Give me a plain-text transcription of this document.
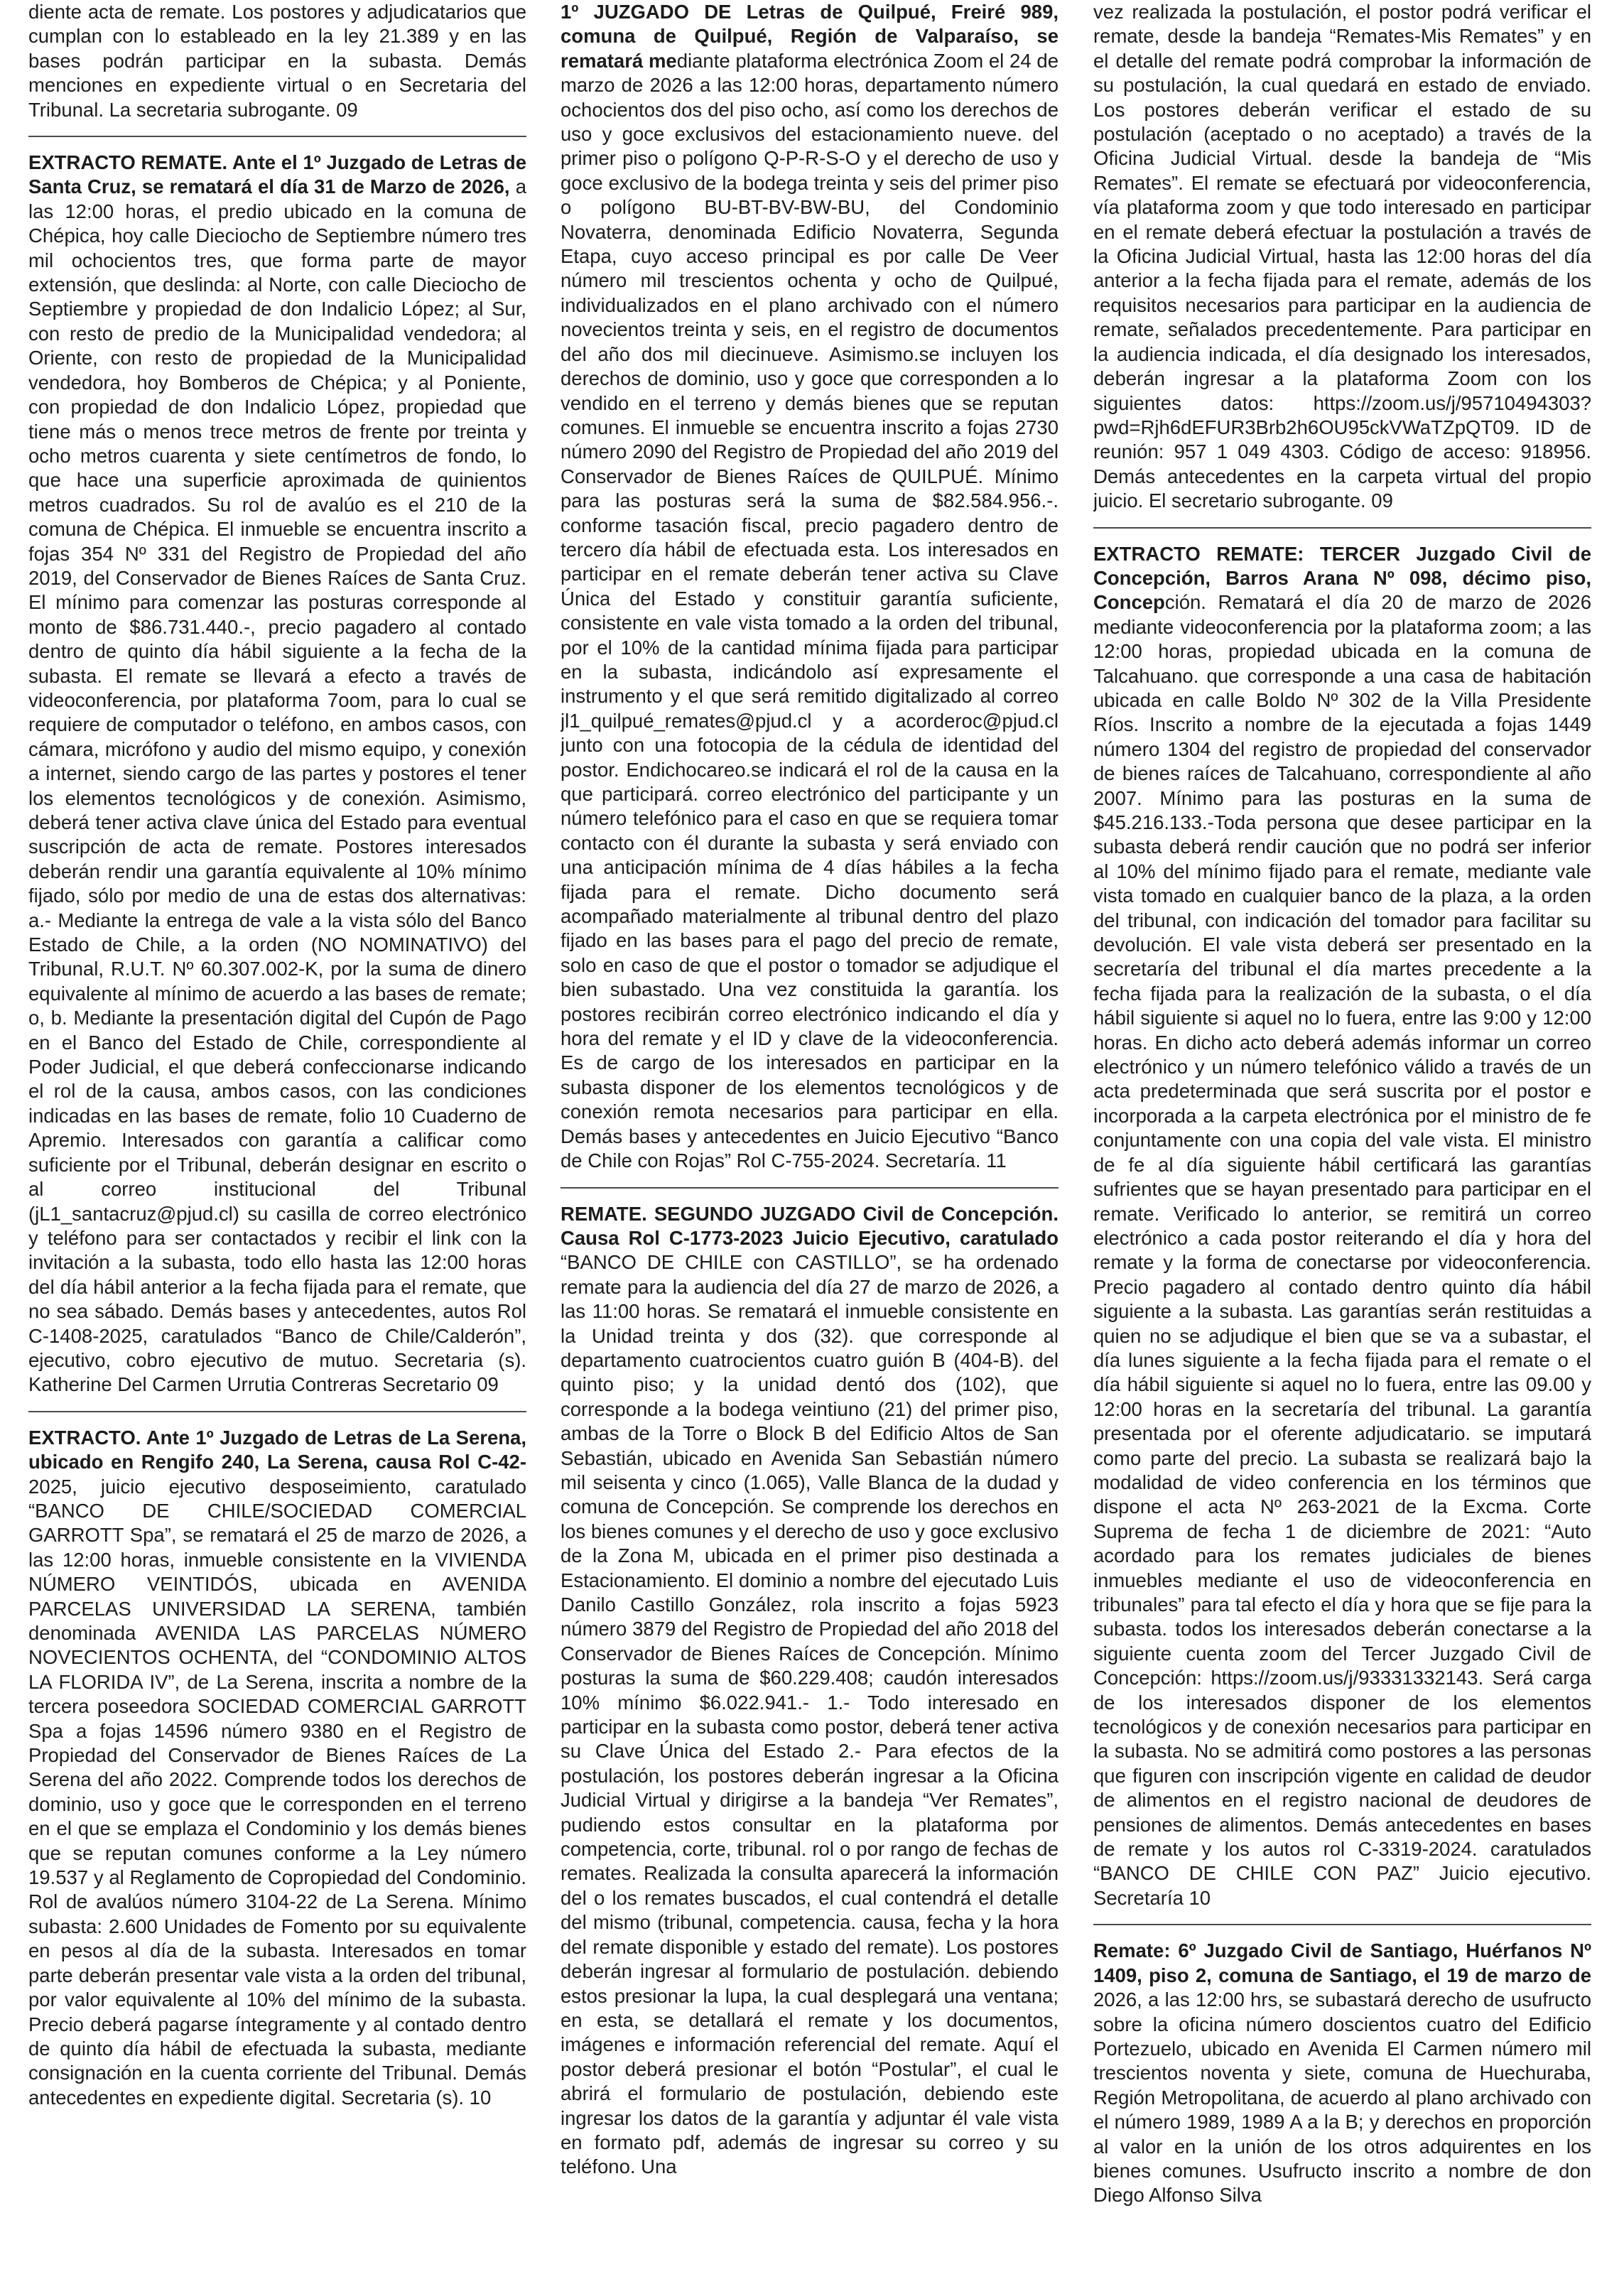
diente acta de remate. Los postores y adjudicatarios que cumplan con lo estableado en la ley 21.389 y en las bases podrán participar en la subasta. Demás menciones en expediente virtual o en Secretaria del Tribunal. La secretaria subrogante. 09

EXTRACTO REMATE. Ante el 1º Juzgado de Letras de Santa Cruz, se rematará el día 31 de Marzo de 2026, a las 12:00 horas, el predio ubicado en la comuna de Chépica, hoy calle Dieciocho de Septiembre número tres mil ochocientos tres, que forma parte de mayor extensión, que deslinda: al Norte, con calle Dieciocho de Septiembre y propiedad de don Indalicio López; al Sur, con resto de predio de la Municipalidad vendedora; al Oriente, con resto de propiedad de la Municipalidad vendedora, hoy Bomberos de Chépica; y al Poniente, con propiedad de don Indalicio López, propiedad que tiene más o menos trece metros de frente por treinta y ocho metros cuarenta y siete centímetros de fondo, lo que hace una superficie aproximada de quinientos metros cuadrados. Su rol de avalúo es el 210 de la comuna de Chépica. El inmueble se encuentra inscrito a fojas 354 Nº 331 del Registro de Propiedad del año 2019, del Conservador de Bienes Raíces de Santa Cruz. El mínimo para comenzar las posturas corresponde al monto de $86.731.440.-, precio pagadero al contado dentro de quinto día hábil siguiente a la fecha de la subasta. El remate se llevará a efecto a través de videoconferencia, por plataforma 7oom, para lo cual se requiere de computador o teléfono, en ambos casos, con cámara, micrófono y audio del mismo equipo, y conexión a internet, siendo cargo de las partes y postores el tener los elementos tecnológicos y de conexión. Asimismo, deberá tener activa clave única del Estado para eventual suscripción de acta de remate. Postores interesados deberán rendir una garantía equivalente al 10% mínimo fijado, sólo por medio de una de estas dos alternativas: a.- Mediante la entrega de vale a la vista sólo del Banco Estado de Chile, a la orden (NO NOMINATIVO) del Tribunal, R.U.T. Nº 60.307.002-K, por la suma de dinero equivalente al mínimo de acuerdo a las bases de remate; o, b. Mediante la presentación digital del Cupón de Pago en el Banco del Estado de Chile, correspondiente al Poder Judicial, el que deberá confeccionarse indicando el rol de la causa, ambos casos, con las condiciones indicadas en las bases de remate, folio 10 Cuaderno de Apremio. Interesados con garantía a calificar como suficiente por el Tribunal, deberán designar en escrito o al correo institucional del Tribunal (jL1_santacruz@pjud.cl) su casilla de correo electrónico y teléfono para ser contactados y recibir el link con la invitación a la subasta, todo ello hasta las 12:00 horas del día hábil anterior a la fecha fijada para el remate, que no sea sábado. Demás bases y antecedentes, autos Rol C-1408-2025, caratulados “Banco de Chile/Calderón”, ejecutivo, cobro ejecutivo de mutuo. Secretaria (s). Katherine Del Carmen Urrutia Contreras Secretario 09

EXTRACTO. Ante 1º Juzgado de Letras de La Serena, ubicado en Rengifo 240, La Serena, causa Rol C-42-2025, juicio ejecutivo desposeimiento, caratulado “BANCO DE CHILE/SOCIEDAD COMERCIAL GARROTT Spa”, se rematará el 25 de marzo de 2026, a las 12:00 horas, inmueble consistente en la VIVIENDA NÚMERO VEINTIDÓS, ubicada en AVENIDA PARCELAS UNIVERSIDAD LA SERENA, también denominada AVENIDA LAS PARCELAS NÚMERO NOVECIENTOS OCHENTA, del “CONDOMINIO ALTOS LA FLORIDA IV”, de La Serena, inscrita a nombre de la tercera poseedora SOCIEDAD COMERCIAL GARROTT Spa a fojas 14596 número 9380 en el Registro de Propiedad del Conservador de Bienes Raíces de La Serena del año 2022. Comprende todos los derechos de dominio, uso y goce que le corresponden en el terreno en el que se emplaza el Condominio y los demás bienes que se reputan comunes conforme a la Ley número 19.537 y al Reglamento de Copropiedad del Condominio. Rol de avalúos número 3104-22 de La Serena. Mínimo subasta: 2.600 Unidades de Fomento por su equivalente en pesos al día de la subasta. Interesados en tomar parte deberán presentar vale vista a la orden del tribunal, por valor equivalente al 10% del mínimo de la subasta. Precio deberá pagarse íntegramente y al contado dentro de quinto día hábil de efectuada la subasta, mediante consignación en la cuenta corriente del Tribunal. Demás antecedentes en expediente digital. Secretaria (s). 10

1º JUZGADO DE Letras de Quilpué, Freiré 989, comuna de Quilpué, Región de Valparaíso, se rematará mediante plataforma electrónica Zoom el 24 de marzo de 2026 a las 12:00 horas, departamento número ochocientos dos del piso ocho, así como los derechos de uso y goce exclusivos del estacionamiento nueve. del primer piso o polígono Q-P-R-S-O y el derecho de uso y goce exclusivo de la bodega treinta y seis del primer piso o polígono BU-BT-BV-BW-BU, del Condominio Novaterra, denominada Edificio Novaterra, Segunda Etapa, cuyo acceso principal es por calle De Veer número mil trescientos ochenta y ocho de Quilpué, individualizados en el plano archivado con el número novecientos treinta y seis, en el registro de documentos del año dos mil diecinueve. Asimismo.se incluyen los derechos de dominio, uso y goce que corresponden a lo vendido en el terreno y demás bienes que se reputan comunes. El inmueble se encuentra inscrito a fojas 2730 número 2090 del Registro de Propiedad del año 2019 del Conservador de Bienes Raíces de QUILPUÉ. Mínimo para las posturas será la suma de $82.584.956.-. conforme tasación fiscal, precio pagadero dentro de tercero día hábil de efectuada esta. Los interesados en participar en el remate deberán tener activa su Clave Única del Estado y constituir garantía suficiente, consistente en vale vista tomado a la orden del tribunal, por el 10% de la cantidad mínima fijada para participar en la subasta, indicándolo así expresamente el instrumento y el que será remitido digitalizado al correo jl1_quilpué_remates@pjud.cl y a acorderoc@pjud.cl junto con una fotocopia de la cédula de identidad del postor. Endichocareo.se indicará el rol de la causa en la que participará. correo electrónico del participante y un número telefónico para el caso en que se requiera tomar contacto con él durante la subasta y será enviado con una anticipación mínima de 4 días hábiles a la fecha fijada para el remate. Dicho documento será acompañado materialmente al tribunal dentro del plazo fijado en las bases para el pago del precio de remate, solo en caso de que el postor o tomador se adjudique el bien subastado. Una vez constituida la garantía. los postores recibirán correo electrónico indicando el día y hora del remate y el ID y clave de la videoconferencia. Es de cargo de los interesados en participar en la subasta disponer de los elementos tecnológicos y de conexión remota necesarios para participar en ella. Demás bases y antecedentes en Juicio Ejecutivo “Banco de Chile con Rojas” Rol C-755-2024. Secretaría. 11

REMATE. SEGUNDO JUZGADO Civil de Concepción. Causa Rol C-1773-2023 Juicio Ejecutivo, caratulado “BANCO DE CHILE con CASTILLO”, se ha ordenado remate para la audiencia del día 27 de marzo de 2026, a las 11:00 horas. Se rematará el inmueble consistente en la Unidad treinta y dos (32). que corresponde al departamento cuatrocientos cuatro guión B (404-B). del quinto piso; y la unidad dentó dos (102), que corresponde a la bodega veintiuno (21) del primer piso, ambas de la Torre o Block B del Edificio Altos de San Sebastián, ubicado en Avenida San Sebastián número mil seisenta y cinco (1.065), Valle Blanca de la dudad y comuna de Concepción. Se comprende los derechos en los bienes comunes y el derecho de uso y goce exclusivo de la Zona M, ubicada en el primer piso destinada a Estacionamiento. El dominio a nombre del ejecutado Luis Danilo Castillo González, rola inscrito a fojas 5923 número 3879 del Registro de Propiedad del año 2018 del Conservador de Bienes Raíces de Concepción. Mínimo posturas la suma de $60.229.408; caudón interesados 10% mínimo $6.022.941.- 1.- Todo interesado en participar en la subasta como postor, deberá tener activa su Clave Única del Estado 2.- Para efectos de la postulación, los postores deberán ingresar a la Oficina Judicial Virtual y dirigirse a la bandeja “Ver Remates”, pudiendo estos consultar en la plataforma por competencia, corte, tribunal. rol o por rango de fechas de remates. Realizada la consulta aparecerá la información del o los remates buscados, el cual contendrá el detalle del mismo (tribunal, competencia. causa, fecha y la hora del remate disponible y estado del remate). Los postores deberán ingresar al formulario de postulación. debiendo estos presionar la lupa, la cual desplegará una ventana; en esta, se detallará el remate y los documentos, imágenes e información referencial del remate. Aquí el postor deberá presionar el botón “Postular”, el cual le abrirá el formulario de postulación, debiendo este ingresar los datos de la garantía y adjuntar él vale vista en formato pdf, además de ingresar su correo y su teléfono. Una

vez realizada la postulación, el postor podrá verificar el remate, desde la bandeja “Remates-Mis Remates” y en el detalle del remate podrá comprobar la información de su postulación, la cual quedará en estado de enviado. Los postores deberán verificar el estado de su postulación (aceptado o no aceptado) a través de la Oficina Judicial Virtual. desde la bandeja de “Mis Remates”. El remate se efectuará por videoconferencia, vía plataforma zoom y que todo interesado en participar en el remate deberá efectuar la postulación a través de la Oficina Judicial Virtual, hasta las 12:00 horas del día anterior a la fecha fijada para el remate, además de los requisitos necesarios para participar en la audiencia de remate, señalados precedentemente. Para participar en la audiencia indicada, el día designado los interesados, deberán ingresar a la plataforma Zoom con los siguientes datos: https://zoom.us/j/95710494303?pwd=Rjh6dEFUR3Brb2h6OU95ckVWaTZpQT09. ID de reunión: 957 1 049 4303. Código de acceso: 918956. Demás antecedentes en la carpeta virtual del propio juicio. El secretario subrogante. 09

EXTRACTO REMATE: TERCER Juzgado Civil de Concepción, Barros Arana Nº 098, décimo piso, Concepción. Rematará el día 20 de marzo de 2026 mediante videoconferencia por la plataforma zoom; a las 12:00 horas, propiedad ubicada en la comuna de Talcahuano. que corresponde a una casa de habitación ubicada en calle Boldo Nº 302 de la Villa Presidente Ríos. Inscrito a nombre de la ejecutada a fojas 1449 número 1304 del registro de propiedad del conservador de bienes raíces de Talcahuano, correspondiente al año 2007. Mínimo para las posturas en la suma de $45.216.133.-Toda persona que desee participar en la subasta deberá rendir caución que no podrá ser inferior al 10% del mínimo fijado para el remate, mediante vale vista tomado en cualquier banco de la plaza, a la orden del tribunal, con indicación del tomador para facilitar su devolución. El vale vista deberá ser presentado en la secretaría del tribunal el día martes precedente a la fecha fijada para la realización de la subasta, o el día hábil siguiente si aquel no lo fuera, entre las 9:00 y 12:00 horas. En dicho acto deberá además informar un correo electrónico y un número telefónico válido a través de un acta predeterminada que será suscrita por el postor e incorporada a la carpeta electrónica por el ministro de fe conjuntamente con una copia del vale vista. El ministro de fe al día siguiente hábil certificará las garantías sufrientes que se hayan presentado para participar en el remate. Verificado lo anterior, se remitirá un correo electrónico a cada postor reiterando el día y hora del remate y la forma de conectarse por videoconferencia. Precio pagadero al contado dentro quinto día hábil siguiente a la subasta. Las garantías serán restituidas a quien no se adjudique el bien que se va a subastar, el día lunes siguiente a la fecha fijada para el remate o el día hábil siguiente si aquel no lo fuera, entre las 09.00 y 12:00 horas en la secretaría del tribunal. La garantía presentada por el oferente adjudicatario. se imputará como parte del precio. La subasta se realizará bajo la modalidad de video conferencia en los términos que dispone el acta Nº 263-2021 de la Excma. Corte Suprema de fecha 1 de diciembre de 2021: “Auto acordado para los remates judiciales de bienes inmuebles mediante el uso de videoconferencia en tribunales” para tal efecto el día y hora que se fije para la subasta. todos los interesados deberán conectarse a la siguiente cuenta zoom del Tercer Juzgado Civil de Concepción: https://zoom.us/j/93331332143. Será carga de los interesados disponer de los elementos tecnológicos y de conexión necesarios para participar en la subasta. No se admitirá como postores a las personas que figuren con inscripción vigente en calidad de deudor de alimentos en el registro nacional de deudores de pensiones de alimentos. Demás antecedentes en bases de remate y los autos rol C-3319-2024. caratulados “BANCO DE CHILE CON PAZ” Juicio ejecutivo. Secretaría 10

Remate: 6º Juzgado Civil de Santiago, Huérfanos Nº 1409, piso 2, comuna de Santiago, el 19 de marzo de 2026, a las 12:00 hrs, se subastará derecho de usufructo sobre la oficina número doscientos cuatro del Edificio Portezuelo, ubicado en Avenida El Carmen número mil trescientos noventa y siete, comuna de Huechuraba, Región Metropolitana, de acuerdo al plano archivado con el número 1989, 1989 A a la B; y derechos en proporción al valor en la unión de los otros adquirentes en los bienes comunes. Usufructo inscrito a nombre de don Diego Alfonso Silva
